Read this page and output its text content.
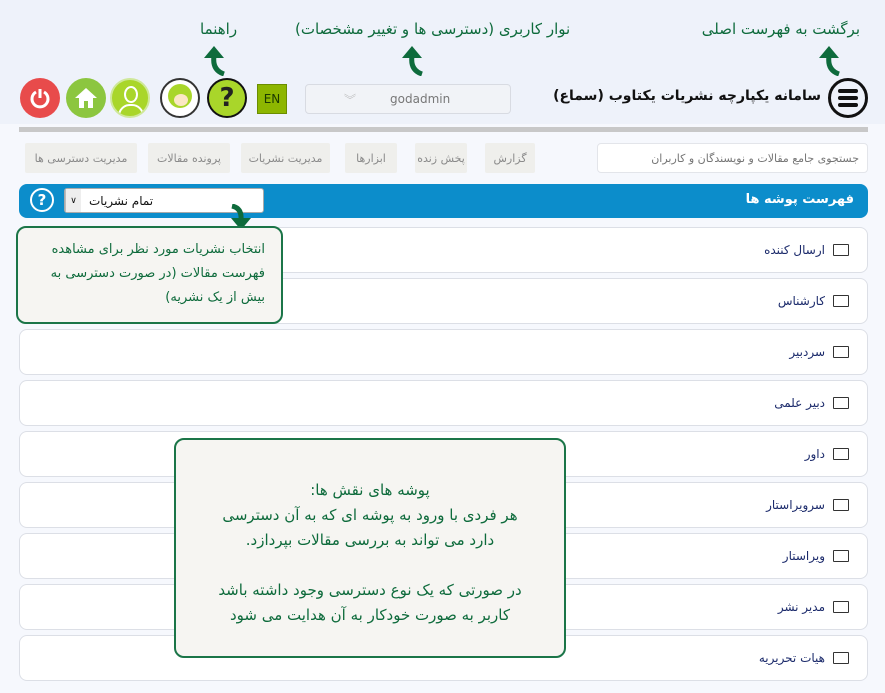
برگشت به فهرست اصلی
نوار کاربری (دسترسی ها و تغییر مشخصات)
راهنما
سامانه یکپارچه نشریات یکتاوب (سماع)
︾	godadmin
EN
?
جستجوی جامع مقالات و نویسندگان و کاربران
گزارش
پخش زنده
ابزارها
مدیریت نشریات
پرونده مقالات
مدیریت دسترسی ها
فهرست پوشه ها
?	تمام نشریات
∨
ارسال کننده
کارشناس
سردبیر
دبیر علمی
داور
سرویراستار
ویراستار
مدیر نشر
هیات تحریریه
انتخاب نشریات مورد نظر برای مشاهده
فهرست مقالات (در صورت دسترسی به
بیش از یک نشریه)
پوشه های نقش ها:
هر فردی با ورود به پوشه ای که به آن دسترسی
دارد می تواند به بررسی مقالات بپردازد.
در صورتی که یک نوع دسترسی وجود داشته باشد
کاربر به صورت خودکار به آن هدایت می شود
